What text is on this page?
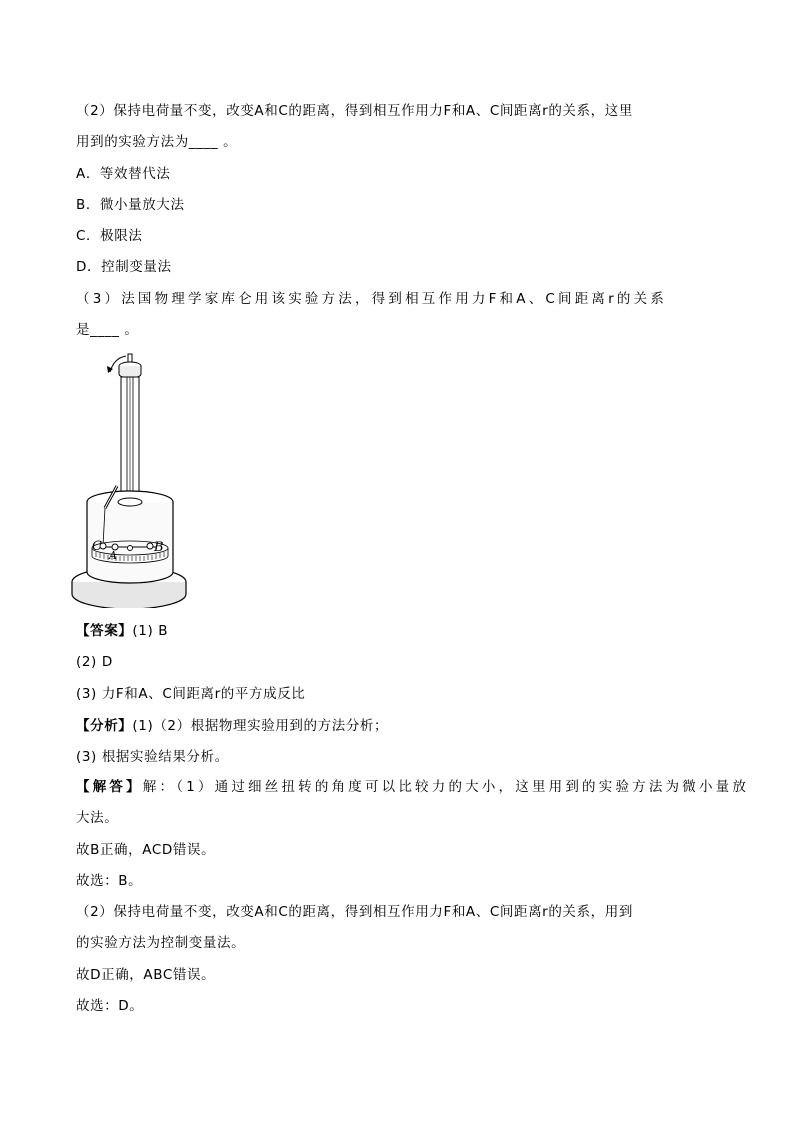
（2）保持电荷量不变，改变A和C的距离，得到相互作用力F和A、C间距离r的关系，这里
用到的实验方法为____ 。
A．等效替代法
B．微小量放大法
C．极限法
D．控制变量法
（3）法国物理学家库仑用该实验方法，得到相互作用力F和A、C间距离r的关系
是____ 。
C
A
B
【答案】(1) B
(2) D
(3) 力F和A、C间距离r的平方成反比
【分析】(1)（2）根据物理实验用到的方法分析；
(3) 根据实验结果分析。
【解答】解：（1）通过细丝扭转的角度可以比较力的大小，这里用到的实验方法为微小量放
大法。
故B正确，ACD错误。
故选：B。
（2）保持电荷量不变，改变A和C的距离，得到相互作用力F和A、C间距离r的关系，用到
的实验方法为控制变量法。
故D正确，ABC错误。
故选：D。
